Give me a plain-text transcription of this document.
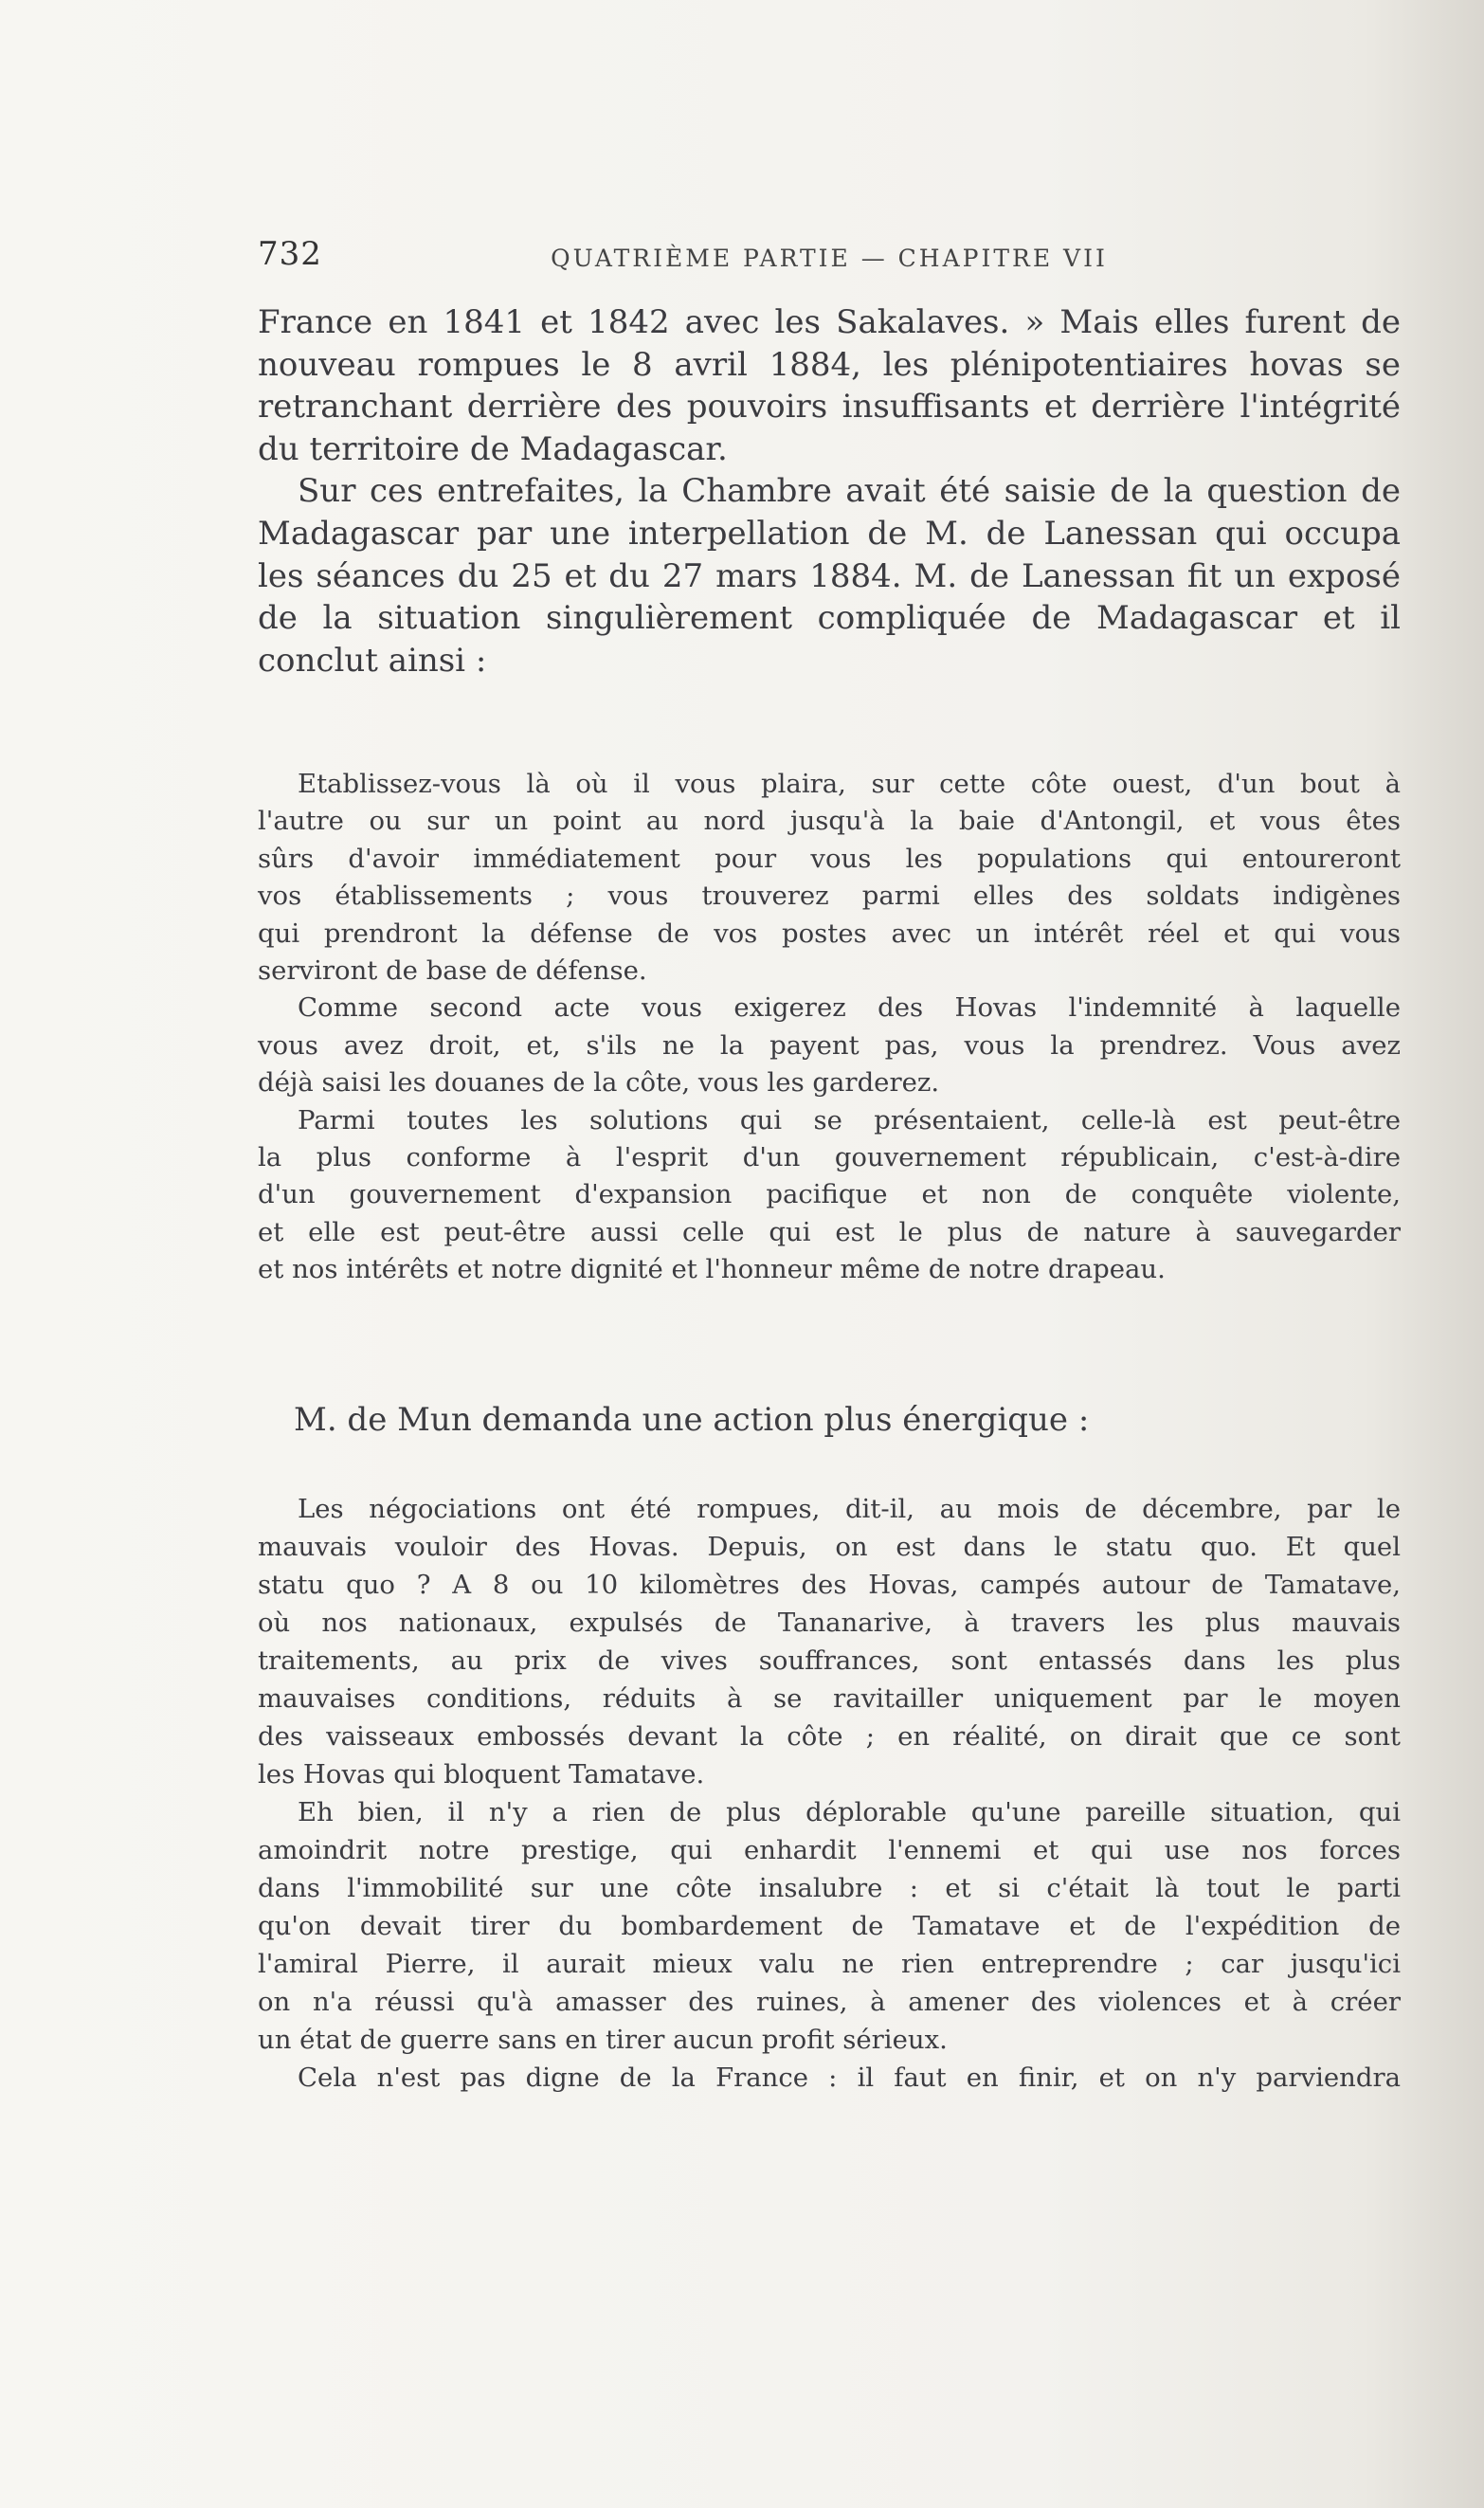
732	QUATRIÈME PARTIE — CHAPITRE VII
France en 1841 et 1842 avec les Sakalaves. » Mais elles furent de
nouveau rompues le 8 avril 1884, les plénipotentiaires hovas se
retranchant derrière des pouvoirs insuffisants et derrière l'intégrité
du territoire de Madagascar.
Sur ces entrefaites, la Chambre avait été saisie de la question de
Madagascar par une interpellation de M. de Lanessan qui occupa
les séances du 25 et du 27 mars 1884. M. de Lanessan fit un exposé
de la situation singulièrement compliquée de Madagascar et il
conclut ainsi :
Etablissez-vous là où il vous plaira, sur cette côte ouest, d'un bout à
l'autre ou sur un point au nord jusqu'à la baie d'Antongil, et vous êtes
sûrs d'avoir immédiatement pour vous les populations qui entoureront
vos établissements ; vous trouverez parmi elles des soldats indigènes
qui prendront la défense de vos postes avec un intérêt réel et qui vous
serviront de base de défense.
Comme second acte vous exigerez des Hovas l'indemnité à laquelle
vous avez droit, et, s'ils ne la payent pas, vous la prendrez. Vous avez
déjà saisi les douanes de la côte, vous les garderez.
Parmi toutes les solutions qui se présentaient, celle-là est peut-être
la plus conforme à l'esprit d'un gouvernement républicain, c'est-à-dire
d'un gouvernement d'expansion pacifique et non de conquête violente,
et elle est peut-être aussi celle qui est le plus de nature à sauvegarder
et nos intérêts et notre dignité et l'honneur même de notre drapeau.
M. de Mun demanda une action plus énergique :
Les négociations ont été rompues, dit-il, au mois de décembre, par le
mauvais vouloir des Hovas. Depuis, on est dans le statu quo. Et quel
statu quo ? A 8 ou 10 kilomètres des Hovas, campés autour de Tamatave,
où nos nationaux, expulsés de Tananarive, à travers les plus mauvais
traitements, au prix de vives souffrances, sont entassés dans les plus
mauvaises conditions, réduits à se ravitailler uniquement par le moyen
des vaisseaux embossés devant la côte ; en réalité, on dirait que ce sont
les Hovas qui bloquent Tamatave.
Eh bien, il n'y a rien de plus déplorable qu'une pareille situation, qui
amoindrit notre prestige, qui enhardit l'ennemi et qui use nos forces
dans l'immobilité sur une côte insalubre : et si c'était là tout le parti
qu'on devait tirer du bombardement de Tamatave et de l'expédition de
l'amiral Pierre, il aurait mieux valu ne rien entreprendre ; car jusqu'ici
on n'a réussi qu'à amasser des ruines, à amener des violences et à créer
un état de guerre sans en tirer aucun profit sérieux.
Cela n'est pas digne de la France : il faut en finir, et on n'y parviendra
